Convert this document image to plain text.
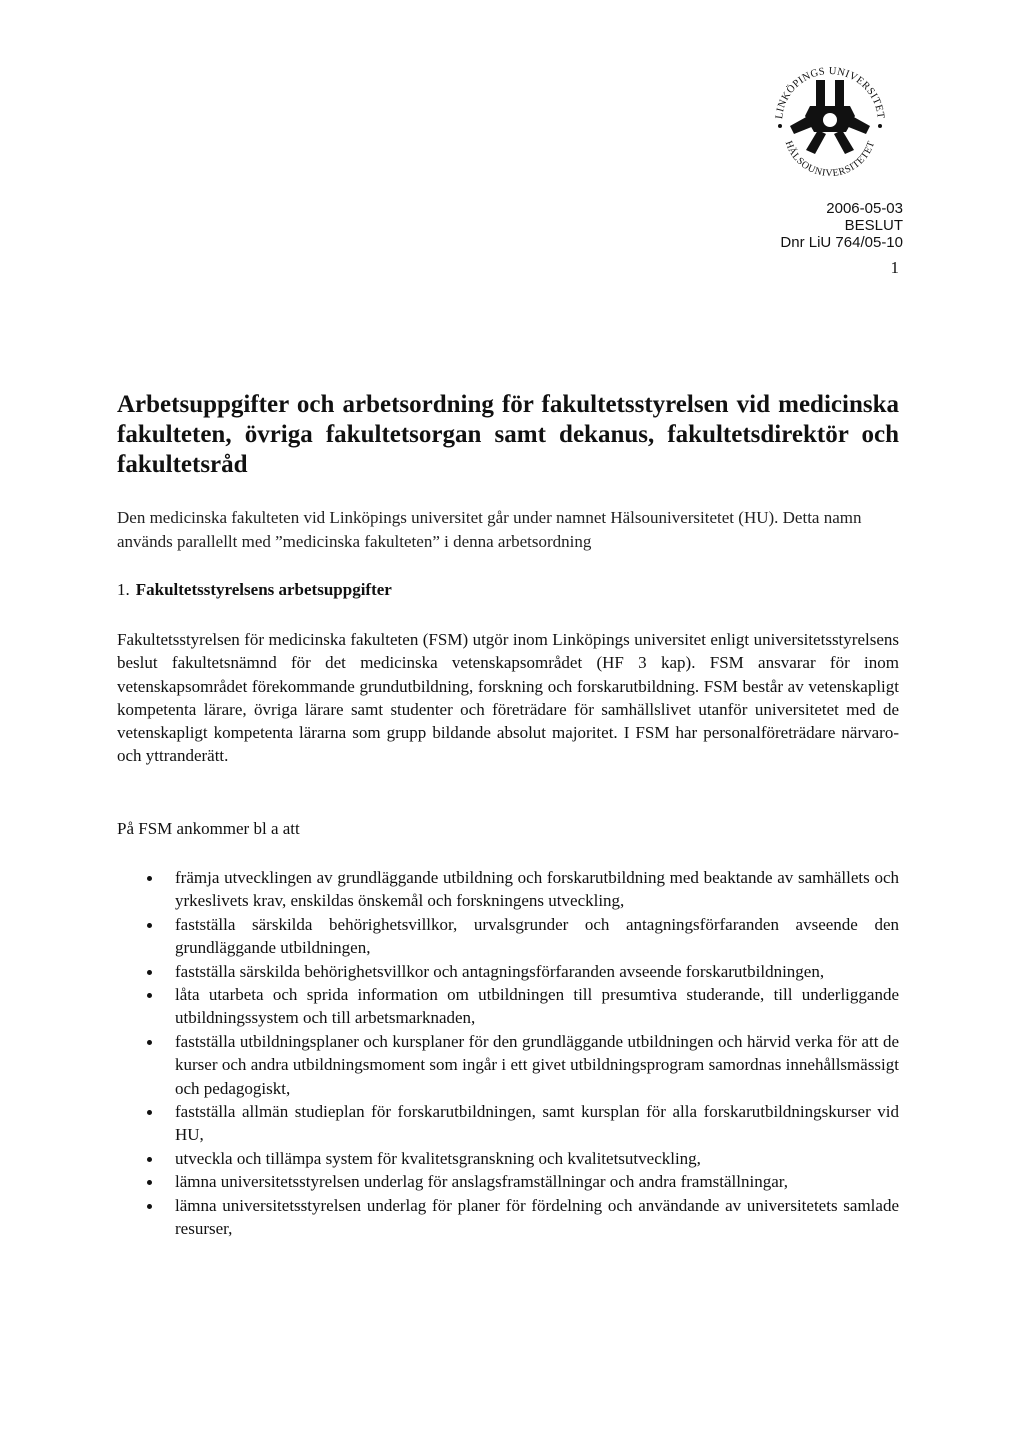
LINKÖPINGS UNIVERSITET
HÄLSOUNIVERSITETET
2006-05-03
BESLUT
Dnr LiU 764/05-10
1
Arbetsuppgifter och arbetsordning för fakultetsstyrelsen vid medicinska fakulteten, övriga fakultetsorgan samt dekanus, fakultetsdirektör och fakultetsråd
Den medicinska fakulteten vid Linköpings universitet går under namnet Hälsouniversitetet (HU). Detta namn används parallellt med ”medicinska fakulteten” i denna arbetsordning
1. Fakultetsstyrelsens arbetsuppgifter
Fakultetsstyrelsen för medicinska fakulteten (FSM) utgör inom Linköpings universitet enligt universitetsstyrelsens beslut fakultetsnämnd för det medicinska vetenskapsområdet (HF 3 kap). FSM ansvarar för inom vetenskapsområdet förekommande grundutbildning, forskning och forskarutbildning. FSM består av vetenskapligt kompetenta lärare, övriga lärare samt studenter och företrädare för samhällslivet utanför universitetet med de vetenskapligt kompetenta lärarna som grupp bildande absolut majoritet. I FSM har personalföreträdare närvaro- och yttranderätt.
På FSM ankommer bl a att
främja utvecklingen av grundläggande utbildning och forskarutbildning med beaktande av samhällets och yrkeslivets krav, enskildas önskemål och forskningens utveckling,
fastställa särskilda behörighetsvillkor, urvalsgrunder och antagningsförfaranden avseende den grundläggande utbildningen,
fastställa särskilda behörighetsvillkor och antagningsförfaranden avseende forskarutbildningen,
låta utarbeta och sprida information om utbildningen till presumtiva studerande, till underliggande utbildningssystem och till arbetsmarknaden,
fastställa utbildningsplaner och kursplaner för den grundläggande utbildningen och härvid verka för att de kurser och andra utbildningsmoment som ingår i ett givet utbildningsprogram samordnas innehållsmässigt och pedagogiskt,
fastställa allmän studieplan för forskarutbildningen, samt kursplan för alla forskarutbildningskurser vid HU,
utveckla och tillämpa system för kvalitetsgranskning och kvalitetsutveckling,
lämna universitetsstyrelsen underlag för anslagsframställningar och andra framställningar,
lämna universitetsstyrelsen underlag för planer för fördelning och användande av universitetets samlade resurser,
